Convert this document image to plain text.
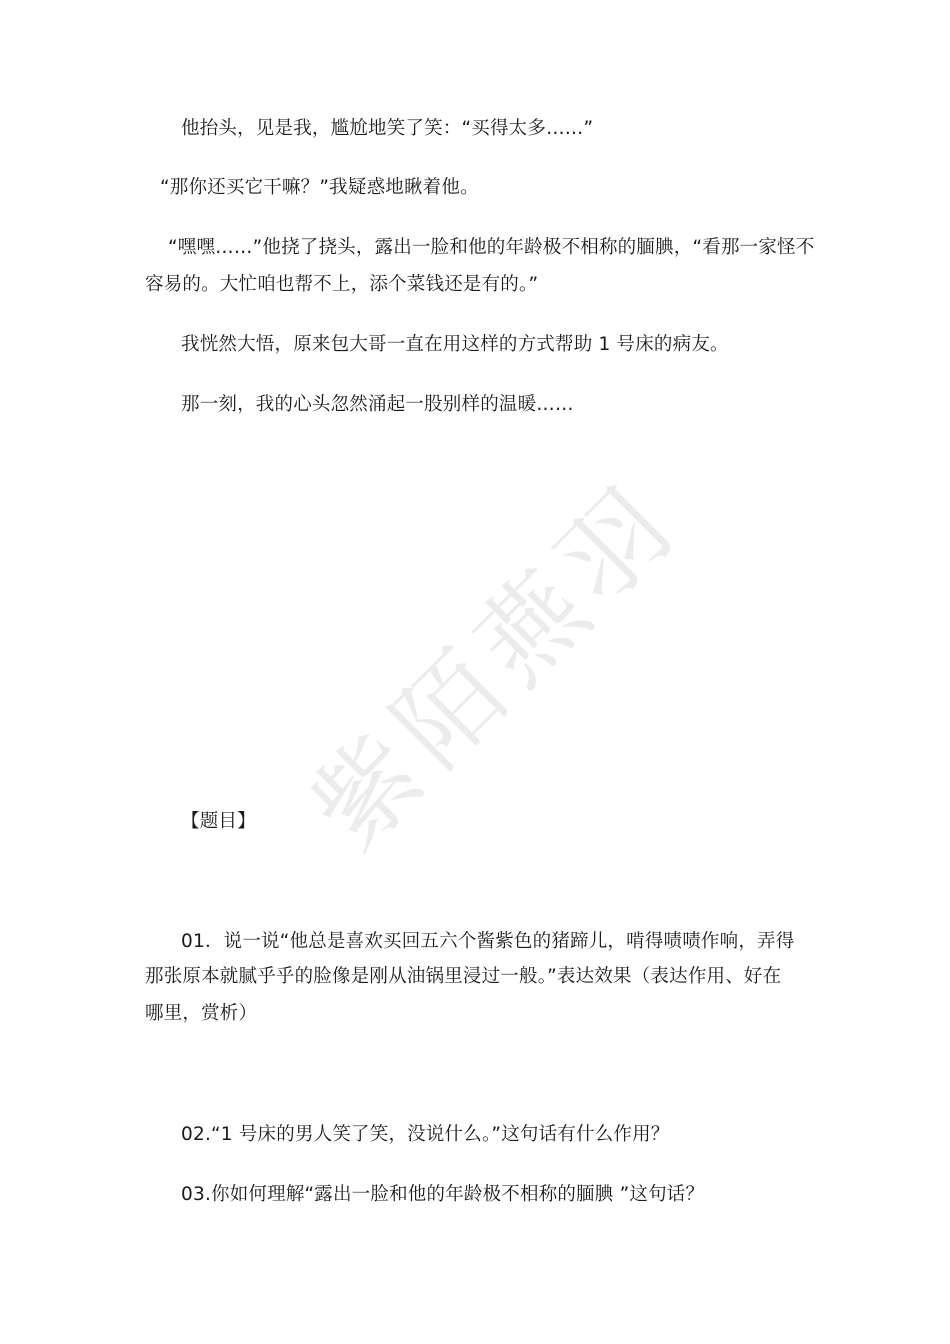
紫陌燕羽
他抬头，见是我，尴尬地笑了笑：“买得太多……”
“那你还买它干嘛？”我疑惑地瞅着他。
“嘿嘿……”他挠了挠头，露出一脸和他的年龄极不相称的腼腆，“看那一家怪不
容易的。大忙咱也帮不上，添个菜钱还是有的。”
我恍然大悟，原来包大哥一直在用这样的方式帮助 1 号床的病友。
那一刻，我的心头忽然涌起一股别样的温暖……
【题目】
01．说一说“他总是喜欢买回五六个酱紫色的猪蹄儿，啃得啧啧作响，弄得
那张原本就腻乎乎的脸像是刚从油锅里浸过一般。”表达效果（表达作用、好在
哪里，赏析）
02.“1 号床的男人笑了笑，没说什么。”这句话有什么作用？
03.你如何理解“露出一脸和他的年龄极不相称的腼腆 ”这句话？
